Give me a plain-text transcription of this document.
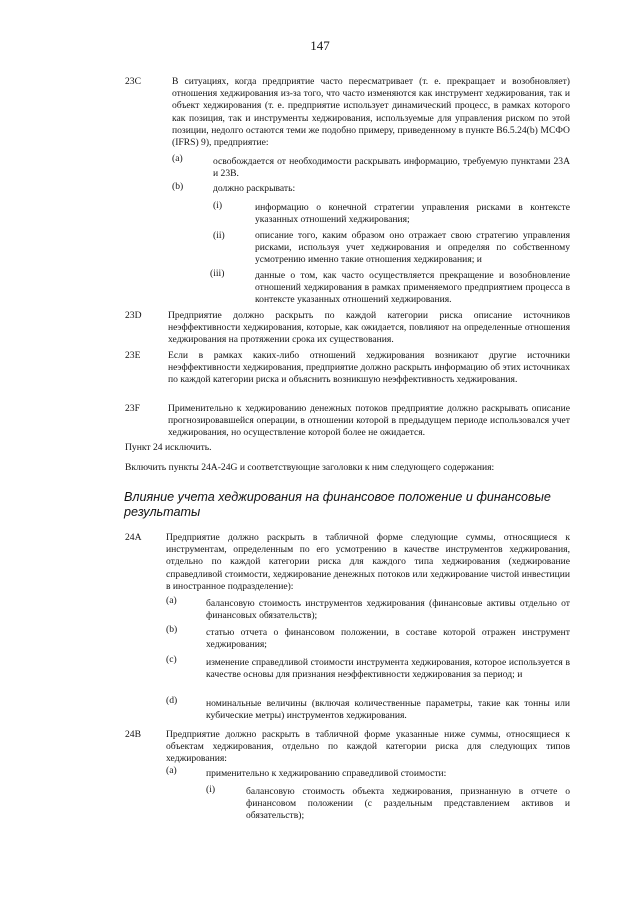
147
23C	В ситуациях, когда предприятие часто пересматривает (т. е. прекращает и возобновляет) отношения хеджирования из-за того, что часто изменяются как инструмент хеджирования, так и объект хеджирования (т. е. предприятие использует динамический процесс, в рамках которого как позиция, так и инструменты хеджирования, используемые для управления риском по этой позиции, недолго остаются теми же подобно примеру, приведенному в пункте B6.5.24(b) МСФО (IFRS) 9), предприятие:
(a)	освобождается от необходимости раскрывать информацию, требуемую пунктами 23А и 23В.
(b)	должно раскрывать:
(i)	информацию о конечной стратегии управления рисками в контексте указанных отношений хеджирования;
(ii)	описание того, каким образом оно отражает свою стратегию управления рисками, используя учет хеджирования и определяя по собственному усмотрению именно такие отношения хеджирования; и
(iii)	данные о том, как часто осуществляется прекращение и возобновление отношений хеджирования в рамках применяемого предприятием процесса в контексте указанных отношений хеджирования.
23D	Предприятие должно раскрыть по каждой категории риска описание источников неэффективности хеджирования, которые, как ожидается, повлияют на определенные отношения хеджирования на протяжении срока их существования.
23E	Если в рамках каких-либо отношений хеджирования возникают другие источники неэффективности хеджирования, предприятие должно раскрыть информацию об этих источниках по каждой категории риска и объяснить возникшую неэффективность хеджирования.
23F	Применительно к хеджированию денежных потоков предприятие должно раскрывать описание прогнозировавшейся операции, в отношении которой в предыдущем периоде использовался учет хеджирования, но осуществление которой более не ожидается.
Пункт 24 исключить.
Включить пункты 24А-24G и соответствующие заголовки к ним следующего содержания:
Влияние учета хеджирования на финансовое положение и финансовые результаты
24A	Предприятие должно раскрыть в табличной форме следующие суммы, относящиеся к инструментам, определенным по его усмотрению в качестве инструментов хеджирования, отдельно по каждой категории риска для каждого типа хеджирования (хеджирование справедливой стоимости, хеджирование денежных потоков или хеджирование чистой инвестиции в иностранное подразделение):
(a)	балансовую стоимость инструментов хеджирования (финансовые активы отдельно от финансовых обязательств);
(b)	статью отчета о финансовом положении, в составе которой отражен инструмент хеджирования;
(c)	изменение справедливой стоимости инструмента хеджирования, которое используется в качестве основы для признания неэффективности хеджирования за период; и
(d)	номинальные величины (включая количественные параметры, такие как тонны или кубические метры) инструментов хеджирования.
24B	Предприятие должно раскрыть в табличной форме указанные ниже суммы, относящиеся к объектам хеджирования, отдельно по каждой категории риска для следующих типов хеджирования:
(a)	применительно к хеджированию справедливой стоимости:
(i)	балансовую стоимость объекта хеджирования, признанную в отчете о финансовом положении (с раздельным представлением активов и обязательств);
